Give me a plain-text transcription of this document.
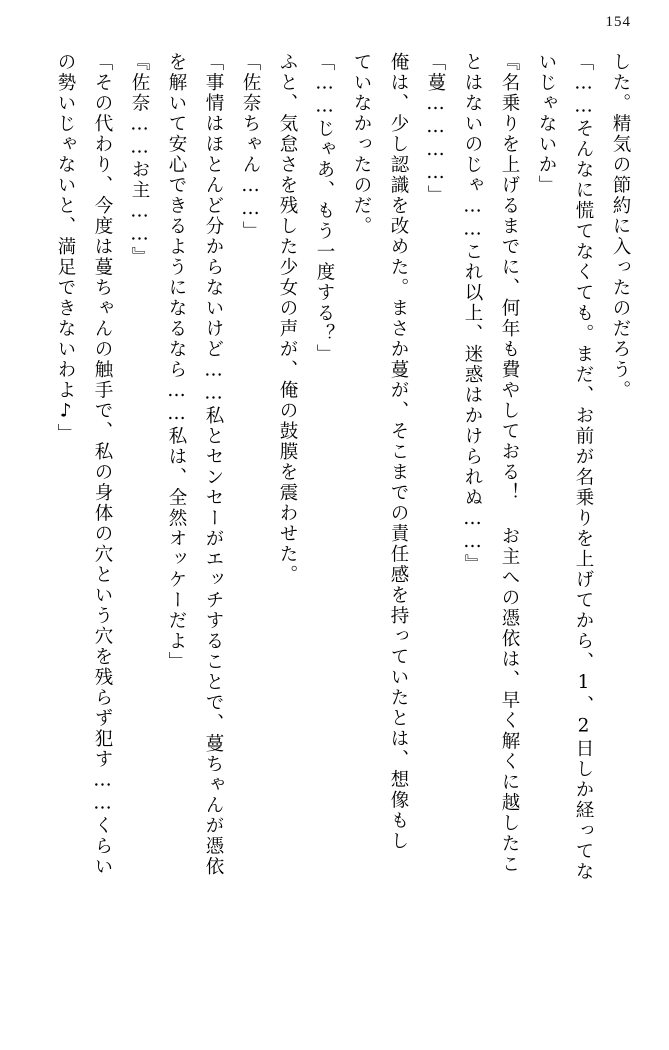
154
した。精気の節約に入ったのだろう。
「……そんなに慌てなくても。まだ、お前が名乗りを上げてから、1、2日しか経ってな
いじゃないか」
『名乗りを上げるまでに、何年も費やしておる！ お主への憑依は、早く解くに越したこ
とはないのじゃ……これ以上、迷惑はかけられぬ……』
「蔓…………」
俺は、少し認識を改めた。まさか蔓が、そこまでの責任感を持っていたとは、想像もし
ていなかったのだ。
「……じゃあ、もう一度する？」
ふと、気怠さを残した少女の声が、俺の鼓膜を震わせた。
「佐奈ちゃん……」
「事情はほとんど分からないけど……私とセンセーがエッチすることで、蔓ちゃんが憑依
を解いて安心できるようになるなら……私は、全然オッケーだよ」
『佐奈……お主……』
「その代わり、今度は蔓ちゃんの触手で、私の身体の穴という穴を残らず犯す……くらい
の勢いじゃないと、満足できないわよ♪」
